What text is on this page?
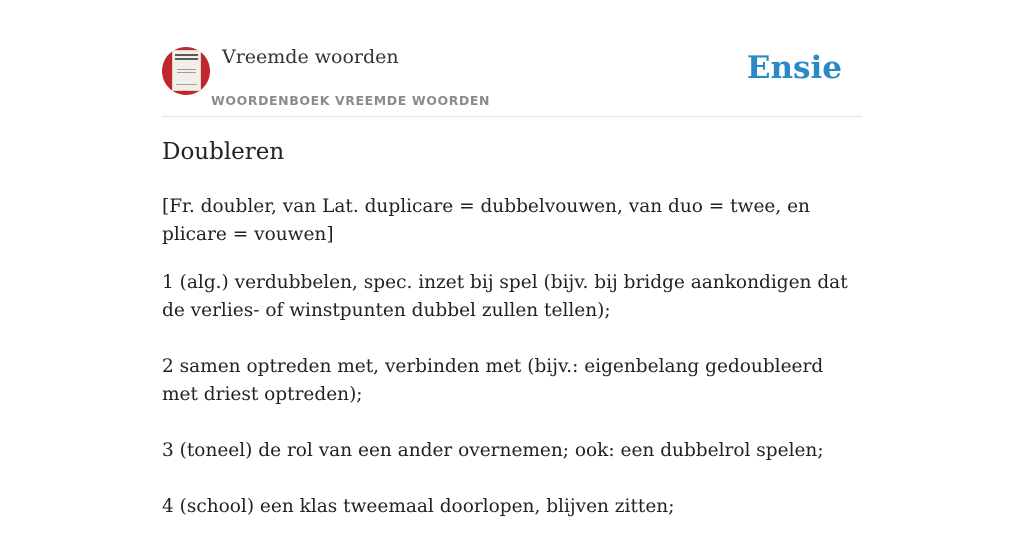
Vreemde woorden
WOORDENBOEK VREEMDE WOORDEN
Ensie
Doubleren

[Fr. doubler, van Lat. duplicare = dubbelvouwen, van duo = twee, en plicare = vouwen]

1 (alg.) verdubbelen, spec. inzet bij spel (bijv. bij bridge aankondigen dat de verlies- of winstpunten dubbel zullen tellen);

2 samen optreden met, verbinden met (bijv.: eigenbelang gedoubleerd met driest optreden);

3 (toneel) de rol van een ander overnemen; ook: een dubbelrol spelen;

4 (school) een klas tweemaal doorlopen, blijven zitten;
